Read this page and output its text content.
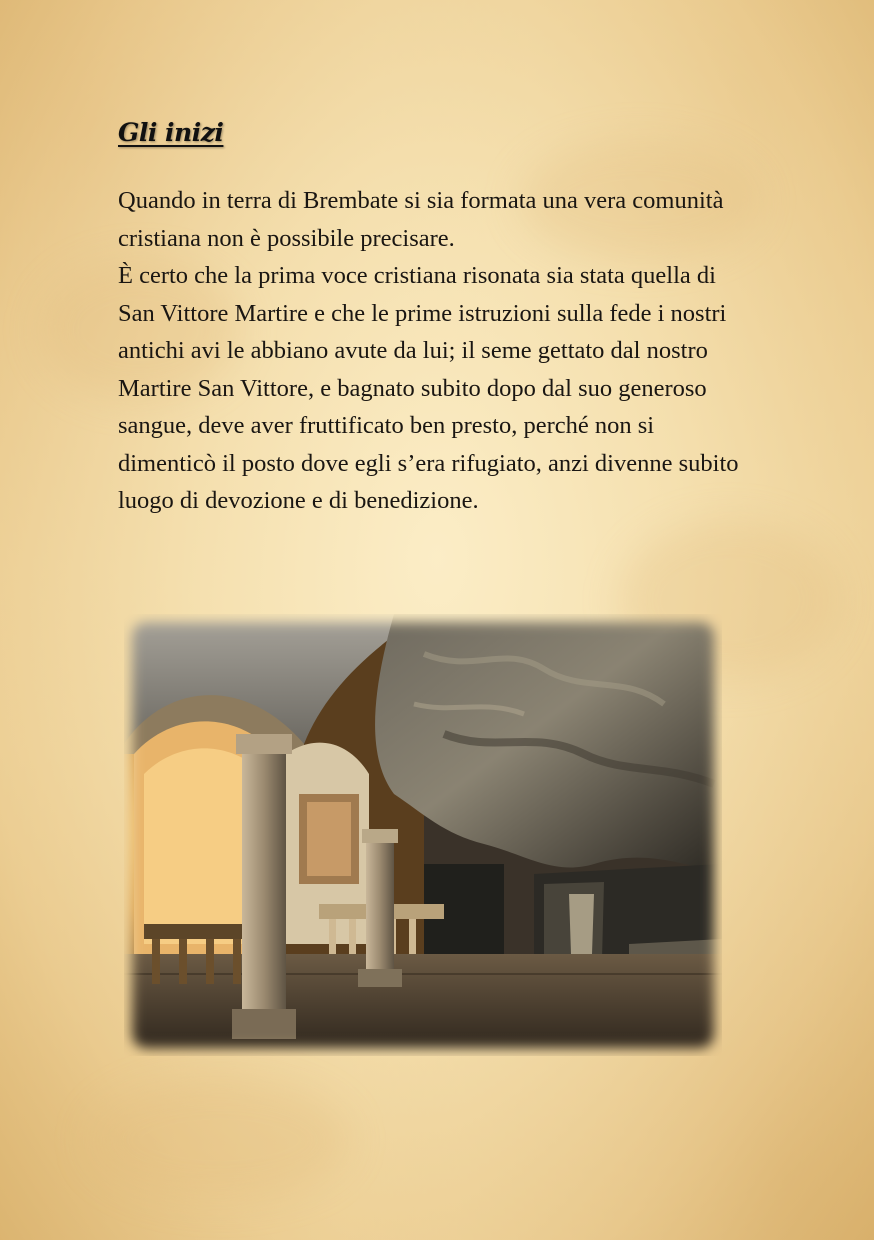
Gli inizi

Quando in terra di Brembate si sia formata una vera comunità cristiana non è possibile precisare.

È certo che la prima voce cristiana risonata sia stata quella di San Vittore Martire e che le prime istruzioni sulla fede i nostri antichi avi le abbiano avute da lui; il seme gettato dal nostro Martire San Vittore, e bagnato subito dopo dal suo generoso sangue, deve aver fruttificato ben presto, perché non si dimenticò il posto dove egli s’era rifugiato, anzi divenne subito luogo di devozione e di benedizione.
